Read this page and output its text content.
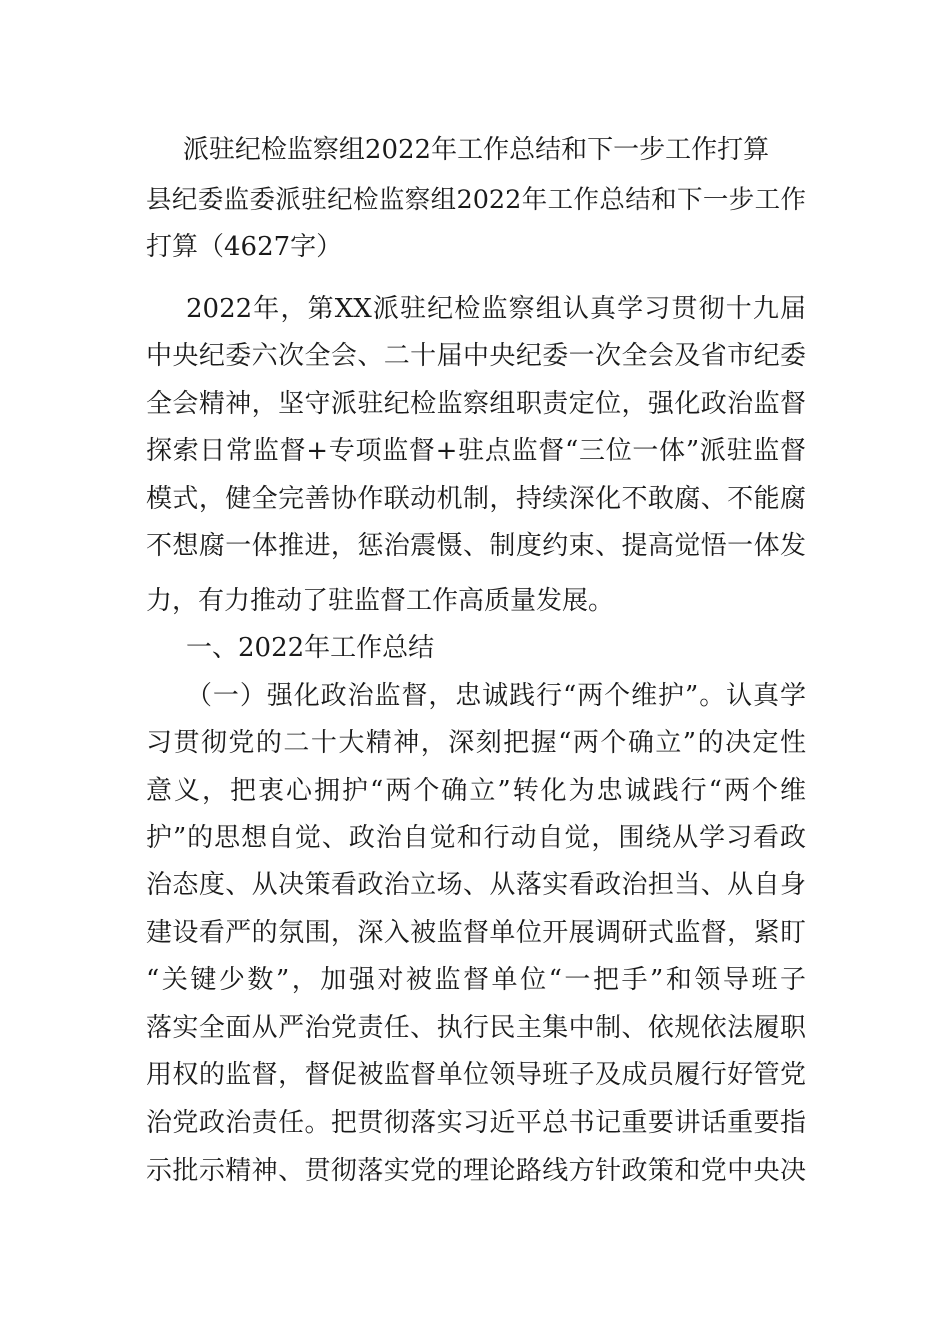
派驻纪检监察组2022年工作总结和下一步工作打算
县纪委监委派驻纪检监察组2022年工作总结和下一步工作
打算（4627字）
2022年，第XX派驻纪检监察组认真学习贯彻十九届
中央纪委六次全会、二十届中央纪委一次全会及省市纪委
全会精神，坚守派驻纪检监察组职责定位，强化政治监督
探索日常监督+专项监督+驻点监督“三位一体”派驻监督
模式，健全完善协作联动机制，持续深化不敢腐、不能腐
不想腐一体推进，惩治震慑、制度约束、提高觉悟一体发
力，有力推动了驻监督工作高质量发展。
一、2022年工作总结
（一）强化政治监督，忠诚践行“两个维护”。认真学
习贯彻党的二十大精神，深刻把握“两个确立”的决定性
意义，把衷心拥护“两个确立”转化为忠诚践行“两个维
护”的思想自觉、政治自觉和行动自觉，围绕从学习看政
治态度、从决策看政治立场、从落实看政治担当、从自身
建设看严的氛围，深入被监督单位开展调研式监督，紧盯
“关键少数”，加强对被监督单位“一把手”和领导班子
落实全面从严治党责任、执行民主集中制、依规依法履职
用权的监督，督促被监督单位领导班子及成员履行好管党
治党政治责任。把贯彻落实习近平总书记重要讲话重要指
示批示精神、贯彻落实党的理论路线方针政策和党中央决
